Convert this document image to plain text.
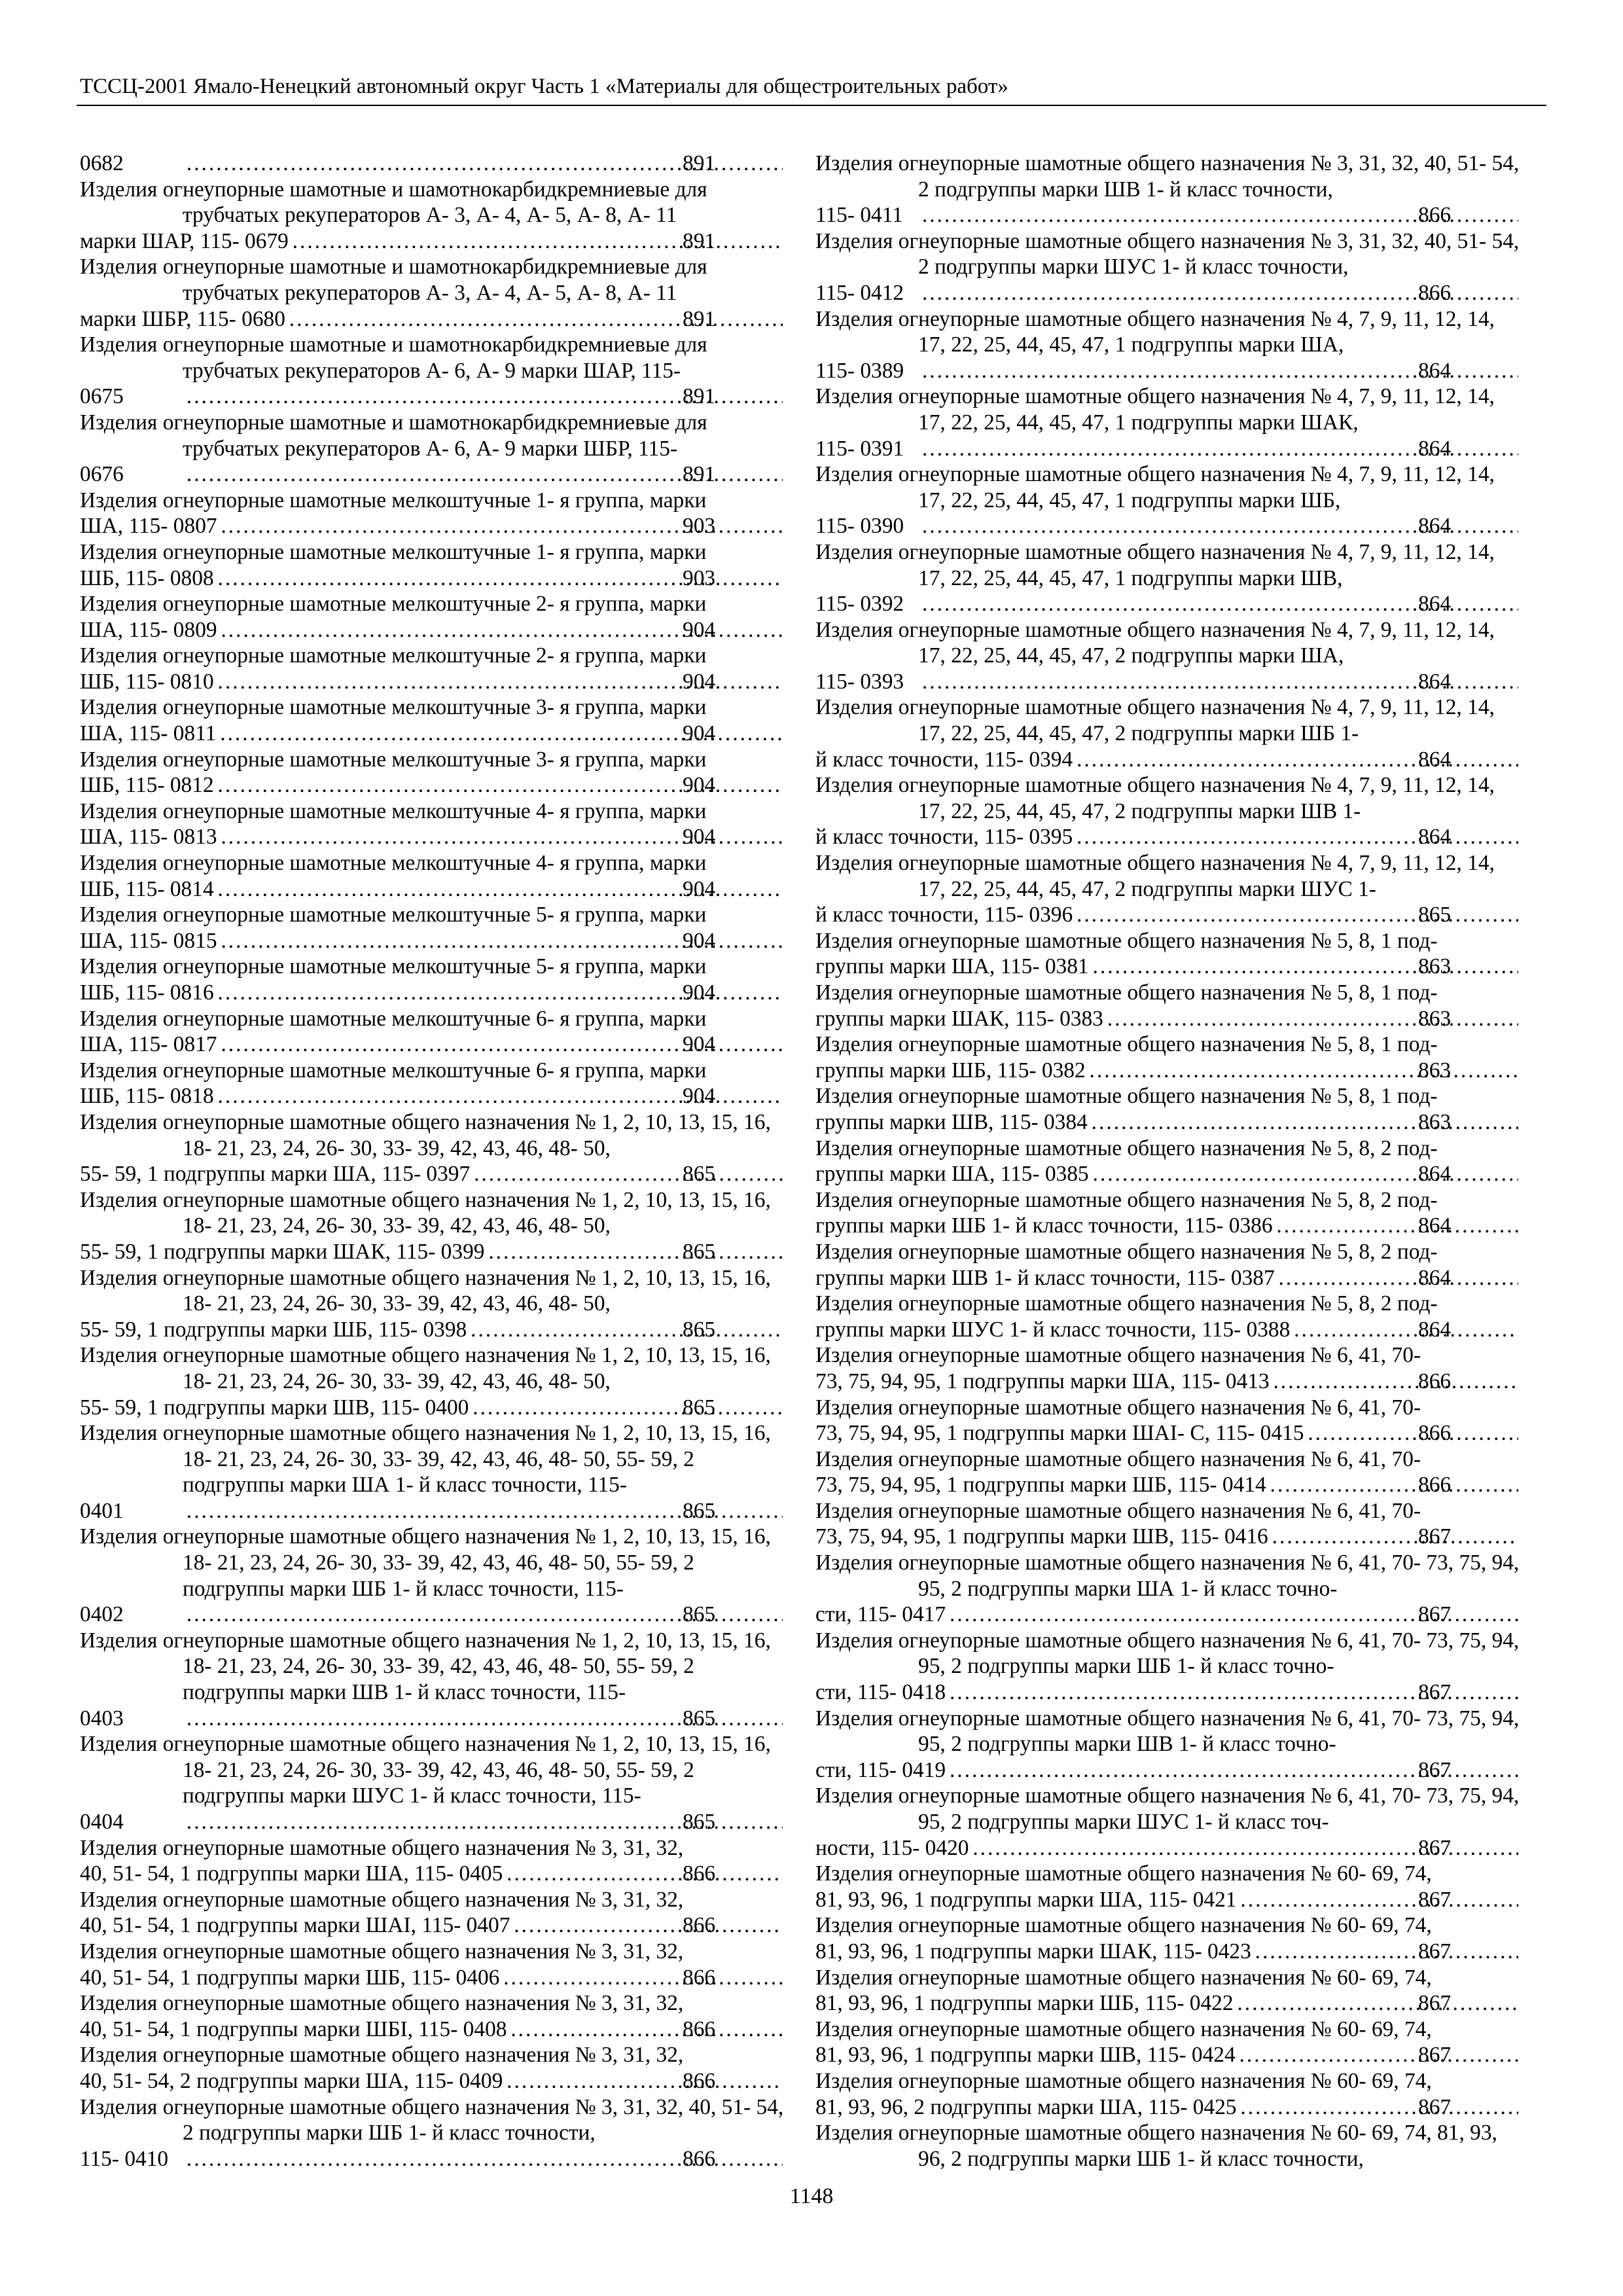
ТССЦ-2001 Ямало-Ненецкий автономный округ Часть 1 «Материалы для общестроительных работ»
0682 .....	891
Изделия огнеупорные шамотные и шамотнокарбидкремниевые для трубчатых рекуператоров А- 3, А- 4, А- 5, А- 8, А- 11
марки ШАР, 115- 0679 .....	891
Изделия огнеупорные шамотные и шамотнокарбидкремниевые для трубчатых рекуператоров А- 3, А- 4, А- 5, А- 8, А- 11
марки ШБР, 115- 0680 .....	891
Изделия огнеупорные шамотные и шамотнокарбидкремниевые для трубчатых рекуператоров А- 6, А- 9 марки ШАР, 115-
0675 .....	891
Изделия огнеупорные шамотные и шамотнокарбидкремниевые для трубчатых рекуператоров А- 6, А- 9 марки ШБР, 115-
0676 .....	891
Изделия огнеупорные шамотные мелкоштучные 1- я группа, марки
ША, 115- 0807 .....	903
Изделия огнеупорные шамотные мелкоштучные 1- я группа, марки
ШБ, 115- 0808 .....	903
Изделия огнеупорные шамотные мелкоштучные 2- я группа, марки
ША, 115- 0809 .....	904
Изделия огнеупорные шамотные мелкоштучные 2- я группа, марки
ШБ, 115- 0810 .....	904
Изделия огнеупорные шамотные мелкоштучные 3- я группа, марки
ША, 115- 0811 .....	904
Изделия огнеупорные шамотные мелкоштучные 3- я группа, марки
ШБ, 115- 0812 .....	904
Изделия огнеупорные шамотные мелкоштучные 4- я группа, марки
ША, 115- 0813 .....	904
Изделия огнеупорные шамотные мелкоштучные 4- я группа, марки
ШБ, 115- 0814 .....	904
Изделия огнеупорные шамотные мелкоштучные 5- я группа, марки
ША, 115- 0815 .....	904
Изделия огнеупорные шамотные мелкоштучные 5- я группа, марки
ШБ, 115- 0816 .....	904
Изделия огнеупорные шамотные мелкоштучные 6- я группа, марки
ША, 115- 0817 .....	904
Изделия огнеупорные шамотные мелкоштучные 6- я группа, марки
ШБ, 115- 0818 .....	904
Изделия огнеупорные шамотные общего назначения № 1, 2, 10, 13, 15, 16, 18- 21, 23, 24, 26- 30, 33- 39, 42, 43, 46, 48- 50,
55- 59, 1 подгруппы марки ША, 115- 0397 .....	865
Изделия огнеупорные шамотные общего назначения № 1, 2, 10, 13, 15, 16, 18- 21, 23, 24, 26- 30, 33- 39, 42, 43, 46, 48- 50,
55- 59, 1 подгруппы марки ШАК, 115- 0399 .....	865
Изделия огнеупорные шамотные общего назначения № 1, 2, 10, 13, 15, 16, 18- 21, 23, 24, 26- 30, 33- 39, 42, 43, 46, 48- 50,
55- 59, 1 подгруппы марки ШБ, 115- 0398 .....	865
Изделия огнеупорные шамотные общего назначения № 1, 2, 10, 13, 15, 16, 18- 21, 23, 24, 26- 30, 33- 39, 42, 43, 46, 48- 50,
55- 59, 1 подгруппы марки ШВ, 115- 0400 .....	865
Изделия огнеупорные шамотные общего назначения № 1, 2, 10, 13, 15, 16, 18- 21, 23, 24, 26- 30, 33- 39, 42, 43, 46, 48- 50, 55- 59, 2 подгруппы марки ША 1- й класс точности, 115-
0401 .....	865
Изделия огнеупорные шамотные общего назначения № 1, 2, 10, 13, 15, 16, 18- 21, 23, 24, 26- 30, 33- 39, 42, 43, 46, 48- 50, 55- 59, 2 подгруппы марки ШБ 1- й класс точности, 115-
0402 .....	865
Изделия огнеупорные шамотные общего назначения № 1, 2, 10, 13, 15, 16, 18- 21, 23, 24, 26- 30, 33- 39, 42, 43, 46, 48- 50, 55- 59, 2 подгруппы марки ШВ 1- й класс точности, 115-
0403 .....	865
Изделия огнеупорные шамотные общего назначения № 1, 2, 10, 13, 15, 16, 18- 21, 23, 24, 26- 30, 33- 39, 42, 43, 46, 48- 50, 55- 59, 2 подгруппы марки ШУС 1- й класс точности, 115-
0404 .....	865
Изделия огнеупорные шамотные общего назначения № 3, 31, 32,
40, 51- 54, 1 подгруппы марки ША, 115- 0405 .....	866
Изделия огнеупорные шамотные общего назначения № 3, 31, 32,
40, 51- 54, 1 подгруппы марки ШАI, 115- 0407 .....	866
Изделия огнеупорные шамотные общего назначения № 3, 31, 32,
40, 51- 54, 1 подгруппы марки ШБ, 115- 0406 .....	866
Изделия огнеупорные шамотные общего назначения № 3, 31, 32,
40, 51- 54, 1 подгруппы марки ШБI, 115- 0408 .....	866
Изделия огнеупорные шамотные общего назначения № 3, 31, 32,
40, 51- 54, 2 подгруппы марки ША, 115- 0409 .....	866
Изделия огнеупорные шамотные общего назначения № 3, 31, 32, 40, 51- 54, 2 подгруппы марки ШБ 1- й класс точности,
115- 0410 .....	866
Изделия огнеупорные шамотные общего назначения № 3, 31, 32, 40, 51- 54, 2 подгруппы марки ШВ 1- й класс точности,
115- 0411 .....	866
Изделия огнеупорные шамотные общего назначения № 3, 31, 32, 40, 51- 54, 2 подгруппы марки ШУС 1- й класс точности,
115- 0412 .....	866
Изделия огнеупорные шамотные общего назначения № 4, 7, 9, 11, 12, 14, 17, 22, 25, 44, 45, 47, 1 подгруппы марки ША,
115- 0389 .....	864
Изделия огнеупорные шамотные общего назначения № 4, 7, 9, 11, 12, 14, 17, 22, 25, 44, 45, 47, 1 подгруппы марки ШАК,
115- 0391 .....	864
Изделия огнеупорные шамотные общего назначения № 4, 7, 9, 11, 12, 14, 17, 22, 25, 44, 45, 47, 1 подгруппы марки ШБ,
115- 0390 .....	864
Изделия огнеупорные шамотные общего назначения № 4, 7, 9, 11, 12, 14, 17, 22, 25, 44, 45, 47, 1 подгруппы марки ШВ,
115- 0392 .....	864
Изделия огнеупорные шамотные общего назначения № 4, 7, 9, 11, 12, 14, 17, 22, 25, 44, 45, 47, 2 подгруппы марки ША,
115- 0393 .....	864
Изделия огнеупорные шамотные общего назначения № 4, 7, 9, 11, 12, 14, 17, 22, 25, 44, 45, 47, 2 подгруппы марки ШБ 1-
й класс точности, 115- 0394 .....	864
Изделия огнеупорные шамотные общего назначения № 4, 7, 9, 11, 12, 14, 17, 22, 25, 44, 45, 47, 2 подгруппы марки ШВ 1-
й класс точности, 115- 0395 .....	864
Изделия огнеупорные шамотные общего назначения № 4, 7, 9, 11, 12, 14, 17, 22, 25, 44, 45, 47, 2 подгруппы марки ШУС 1-
й класс точности, 115- 0396 .....	865
Изделия огнеупорные шамотные общего назначения № 5, 8, 1 под-
группы марки ША, 115- 0381 .....	863
Изделия огнеупорные шамотные общего назначения № 5, 8, 1 под-
группы марки ШАК, 115- 0383 .....	863
Изделия огнеупорные шамотные общего назначения № 5, 8, 1 под-
группы марки ШБ, 115- 0382 .....	863
Изделия огнеупорные шамотные общего назначения № 5, 8, 1 под-
группы марки ШВ, 115- 0384 .....	863
Изделия огнеупорные шамотные общего назначения № 5, 8, 2 под-
группы марки ША, 115- 0385 .....	864
Изделия огнеупорные шамотные общего назначения № 5, 8, 2 под-
группы марки ШБ 1- й класс точности, 115- 0386 .....	864
Изделия огнеупорные шамотные общего назначения № 5, 8, 2 под-
группы марки ШВ 1- й класс точности, 115- 0387 .....	864
Изделия огнеупорные шамотные общего назначения № 5, 8, 2 под-
группы марки ШУС 1- й класс точности, 115- 0388 .....	864
Изделия огнеупорные шамотные общего назначения № 6, 41, 70-
73, 75, 94, 95, 1 подгруппы марки ША, 115- 0413 .....	866
Изделия огнеупорные шамотные общего назначения № 6, 41, 70-
73, 75, 94, 95, 1 подгруппы марки ШАI- С, 115- 0415 .....	866
Изделия огнеупорные шамотные общего назначения № 6, 41, 70-
73, 75, 94, 95, 1 подгруппы марки ШБ, 115- 0414 .....	866
Изделия огнеупорные шамотные общего назначения № 6, 41, 70-
73, 75, 94, 95, 1 подгруппы марки ШВ, 115- 0416 .....	867
Изделия огнеупорные шамотные общего назначения № 6, 41, 70- 73, 75, 94, 95, 2 подгруппы марки ША 1- й класс точно-
сти, 115- 0417 .....	867
Изделия огнеупорные шамотные общего назначения № 6, 41, 70- 73, 75, 94, 95, 2 подгруппы марки ШБ 1- й класс точно-
сти, 115- 0418 .....	867
Изделия огнеупорные шамотные общего назначения № 6, 41, 70- 73, 75, 94, 95, 2 подгруппы марки ШВ 1- й класс точно-
сти, 115- 0419 .....	867
Изделия огнеупорные шамотные общего назначения № 6, 41, 70- 73, 75, 94, 95, 2 подгруппы марки ШУС 1- й класс точ-
ности, 115- 0420 .....	867
Изделия огнеупорные шамотные общего назначения № 60- 69, 74,
81, 93, 96, 1 подгруппы марки ША, 115- 0421 .....	867
Изделия огнеупорные шамотные общего назначения № 60- 69, 74,
81, 93, 96, 1 подгруппы марки ШАК, 115- 0423 .....	867
Изделия огнеупорные шамотные общего назначения № 60- 69, 74,
81, 93, 96, 1 подгруппы марки ШБ, 115- 0422 .....	867
Изделия огнеупорные шамотные общего назначения № 60- 69, 74,
81, 93, 96, 1 подгруппы марки ШВ, 115- 0424 .....	867
Изделия огнеупорные шамотные общего назначения № 60- 69, 74,
81, 93, 96, 2 подгруппы марки ША, 115- 0425 .....	867
Изделия огнеупорные шамотные общего назначения № 60- 69, 74, 81, 93, 96, 2 подгруппы марки ШБ 1- й класс точности,
1148
